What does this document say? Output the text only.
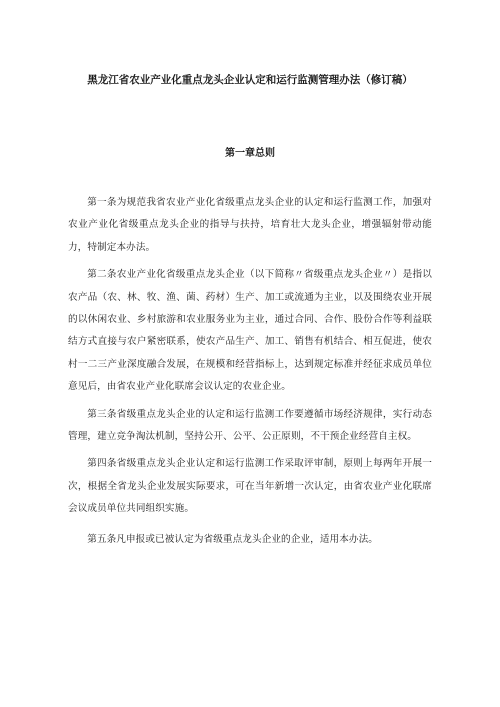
黑龙江省农业产业化重点龙头企业认定和运行监测管理办法（修订稿）
第一章总则

第一条为规范我省农业产业化省级重点龙头企业的认定和运行监测工作，加强对农业产业化省级重点龙头企业的指导与扶持，培育壮大龙头企业，增强辐射带动能力，特制定本办法。

第二条农业产业化省级重点龙头企业（以下简称〃省级重点龙头企业〃）是指以农产品（农、林、牧、渔、菌、药材）生产、加工或流通为主业，以及围绕农业开展的以休闲农业、乡村旅游和农业服务业为主业，通过合同、合作、股份合作等利益联结方式直接与农户紧密联系，使农产品生产、加工、销售有机结合、相互促进，使农村一二三产业深度融合发展，在规模和经营指标上，达到规定标准并经征求成员单位意见后，由省农业产业化联席会议认定的农业企业。

第三条省级重点龙头企业的认定和运行监测工作要遵循市场经济规律，实行动态管理，建立竞争淘汰机制，坚持公开、公平、公正原则，不干预企业经营自主权。

第四条省级重点龙头企业认定和运行监测工作采取评审制，原则上每两年开展一次，根据全省龙头企业发展实际要求，可在当年新增一次认定，由省农业产业化联席会议成员单位共同组织实施。

第五条凡申报或已被认定为省级重点龙头企业的企业，适用本办法。
